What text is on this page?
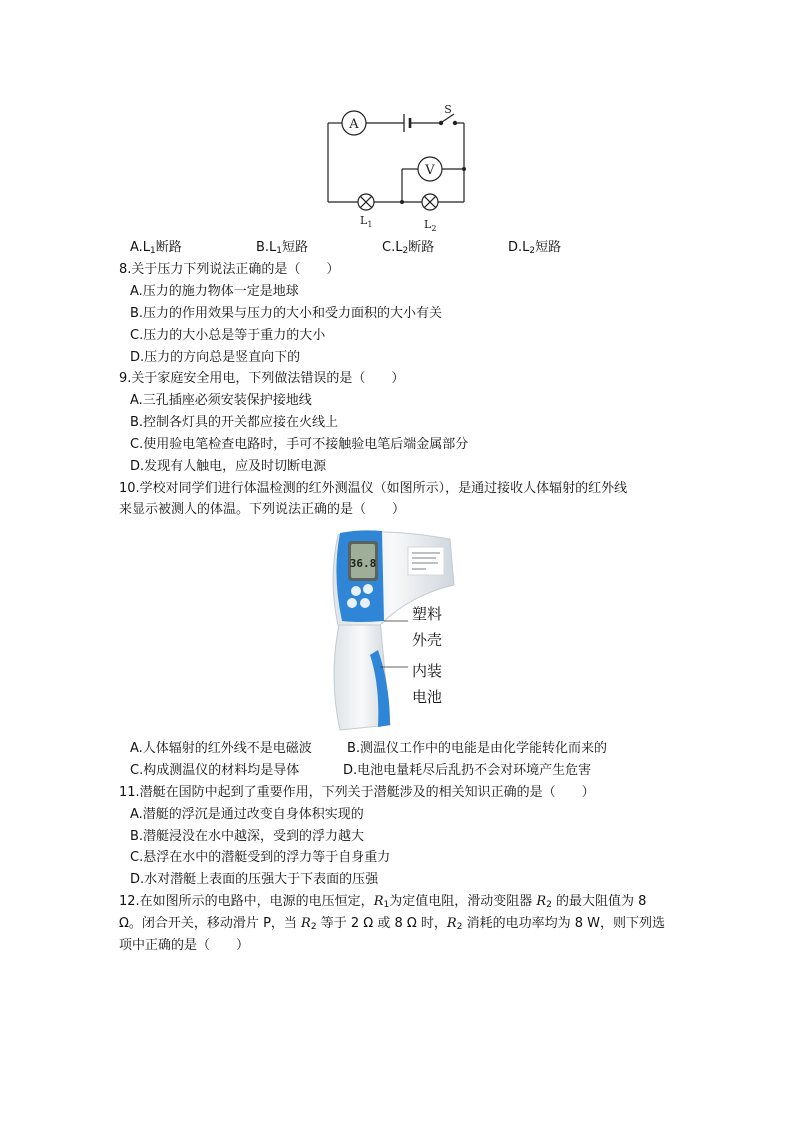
A
V
S
$L_1$	$L_2$
$A.L_1$断路	$B.L_1$短路	$C.L_2$断路	$D.L_2$短路
8.关于压力下列说法正确的是（　　）
A.压力的施力物体一定是地球
B.压力的作用效果与压力的大小和受力面积的大小有关
C.压力的大小总是等于重力的大小
D.压力的方向总是竖直向下的
9.关于家庭安全用电，下列做法错误的是（　　）
A.三孔插座必须安装保护接地线
B.控制各灯具的开关都应接在火线上
C.使用验电笔检查电路时，手可不接触验电笔后端金属部分
D.发现有人触电，应及时切断电源
10.学校对同学们进行体温检测的红外测温仪（如图所示），是通过接收人体辐射的红外线
来显示被测人的体温。下列说法正确的是（　　）
36.8
塑料
外壳
内装
电池
A.人体辐射的红外线不是电磁波	B.测温仪工作中的电能是由化学能转化而来的
C.构成测温仪的材料均是导体	D.电池电量耗尽后乱扔不会对环境产生危害
11.潜艇在国防中起到了重要作用，下列关于潜艇涉及的相关知识正确的是（　　）
A.潜艇的浮沉是通过改变自身体积实现的
B.潜艇浸没在水中越深，受到的浮力越大
C.悬浮在水中的潜艇受到的浮力等于自身重力
D.水对潜艇上表面的压强大于下表面的压强
12.在如图所示的电路中，电源的电压恒定，$R_1$为定值电阻，滑动变阻器 $R_2$ 的最大阻值为 8
Ω。闭合开关，移动滑片 P，当 $R_2$ 等于 2 Ω 或 8 Ω 时，$R_2$ 消耗的电功率均为 8 W，则下列选
项中正确的是（　　）
